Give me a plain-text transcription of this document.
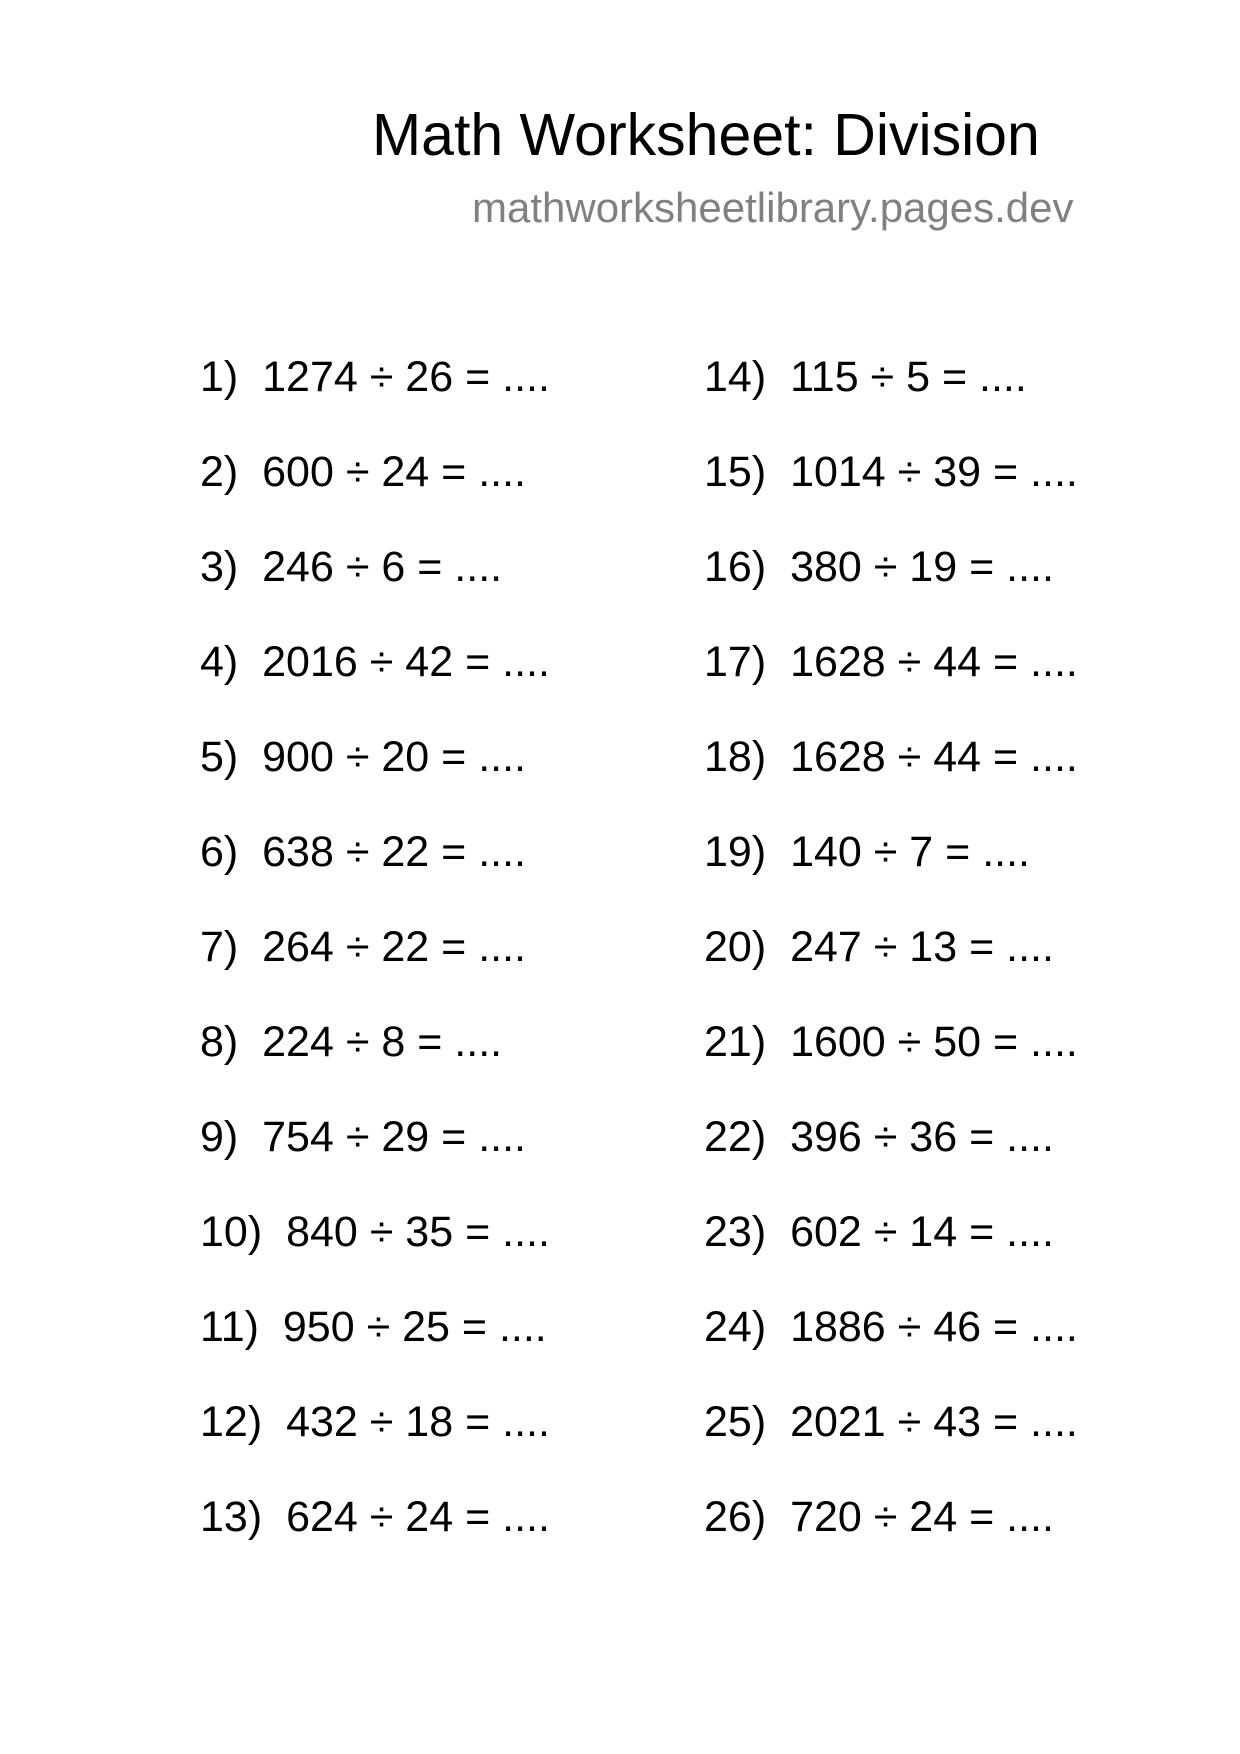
Math Worksheet: Division
mathworksheetlibrary.pages.dev
1) 1274 ÷ 26 = ....
2) 600 ÷ 24 = ....
3) 246 ÷ 6 = ....
4) 2016 ÷ 42 = ....
5) 900 ÷ 20 = ....
6) 638 ÷ 22 = ....
7) 264 ÷ 22 = ....
8) 224 ÷ 8 = ....
9) 754 ÷ 29 = ....
10) 840 ÷ 35 = ....
11) 950 ÷ 25 = ....
12) 432 ÷ 18 = ....
13) 624 ÷ 24 = ....
14) 115 ÷ 5 = ....
15) 1014 ÷ 39 = ....
16) 380 ÷ 19 = ....
17) 1628 ÷ 44 = ....
18) 1628 ÷ 44 = ....
19) 140 ÷ 7 = ....
20) 247 ÷ 13 = ....
21) 1600 ÷ 50 = ....
22) 396 ÷ 36 = ....
23) 602 ÷ 14 = ....
24) 1886 ÷ 46 = ....
25) 2021 ÷ 43 = ....
26) 720 ÷ 24 = ....
